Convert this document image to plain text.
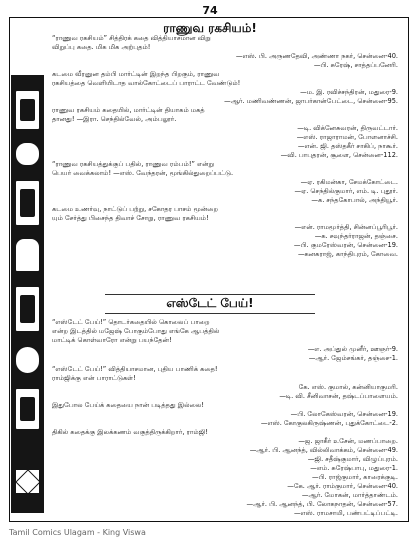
74
ராணுவ ரகசியம்!
“ராணுவ ரகசியம்” சித்திரக் கதை வித்தியாசமான விறு
விறுப்பு கதை. மிக மிக அற்புதம்!
—எஸ். பி. அருணதேவி, அண்ணா நகர், சென்னை-40.
—பி. சுரேஷ், சாத்தப்பனேரி.
கடமை வீரனுன தம்பி மார்ட்டின் இறந்த பிறகும், ராணுவ
ரகசியத்தை வெளியிடாத வால்கோட்டைப் பாராட்ட வேண்டும்!
—ம. இ. ரவிச்சந்திரன், மதுரை-9.
—ஆர். மணிவண்ணன், ஜாபர்கான்பேட்டை, சென்னை-95.
ராணுவ ரகசியம் கதையில், மார்ட்டின் தியாகம் மகத்
தானது! —இரா. செந்தில்வேல், அம்பலூர்.
—டி. விக்னேசுவரன், திருவட்டார்.
—எஸ். ராஜாராமன், போளனாச்சி.
—என். ஜி. தஸ்தகீர் சாகிப், நாகூர்.
—வி. பாபுதரன், சூளை, சென்னை-112.
“ராணுவ ரகசியத்துக்குப் பதில், ராணுவ ரம்பம்!” என்று
பெயர் வைக்கலாம்! —எஸ். வேந்தரன், மூங்கில்துறைப்பட்டு.
—ஏ. ரகிமன்கா, சேமக்கோட்டை.
—ஏ. செந்தில்குமார், எம். டி. புதூர்.
—க. சந்தகோபால், அந்தியூர்.
கடமை உணர்வு, நாட்டுப் பற்று, சகோதர பாசம் மூன்றை
யும் சேர்த்து பிசைந்த திவாச் சோறு, ராணுவ ரகசியம்!
—என். ராமமூர்த்தி, சின்னப்பூரிபூர்.
—க. சவுந்தர்ராஜன், தஞ்சை.
—பி. குமரேஸ்வரன், சென்னை-19.
—கனகராஜ், காந்திபுரம், கோவை.
எஸ்டேட் பேய்!
“எஸ்டேட் பேய்!” தொடர்கதையில் கொலைப் பாறை
என்ற இடத்தில் மஜேஷ் போகும்போது எங்கே ஆபத்தில்
மாட்டிக் கொள்வாரோ என்று பயந்தேன்!
—எ. அப்துல் முனீர், ஊஞர்-9.
—ஆர். ஜேம்சங்கர், தஞ்சை-1.
“எஸ்டேட் பேய்!” வித்தியாசமான, புதிய பாணிக் கதை!
ராம்ஜிக்கு என் பாராட்டுகள்!
கே. எஸ். குமால், கன்னியாகுமரி.
—டி. வி. சீனிவாசன், தஷ்டப்பாளையம்.
இதுபோல பேய்க் கதையை நான் படித்தது இல்லை!
—பி. லோகேஸ்வரன், சென்னை-19.
—எஸ். கோகுலகிருஷ்ணன், புதுக்கோட்டை-2.
திகில் கதைக்கு இலக்கணம் வகுத்திருக்கிறார், ராம்ஜி!
—ஜ. ஜாகீர் உசேன், மணப்பாறை.
—ஆர். பி. ஆனந்த், வில்லிவாக்கம், சென்னை-49.
—ஜி. சதீஷ்குமார், விழுப்புரம்.
—எம். சுரேஷ்பாபு, மதுரை-1.
—பி. ராஜ்குமார், காரைக்குடி.
—கே. ஆர். ராம்குமார், சென்னை-40.
—ஆர். மோகன், மார்த்தாண்டம்.
—ஆர். பி. ஆனந்த், பி. லோகநாதன், சென்னை-57.
—எஸ். ராமசாமி, பண்பட்டிப்பட்டி.
Tamil Comics Ulagam - King Viswa
